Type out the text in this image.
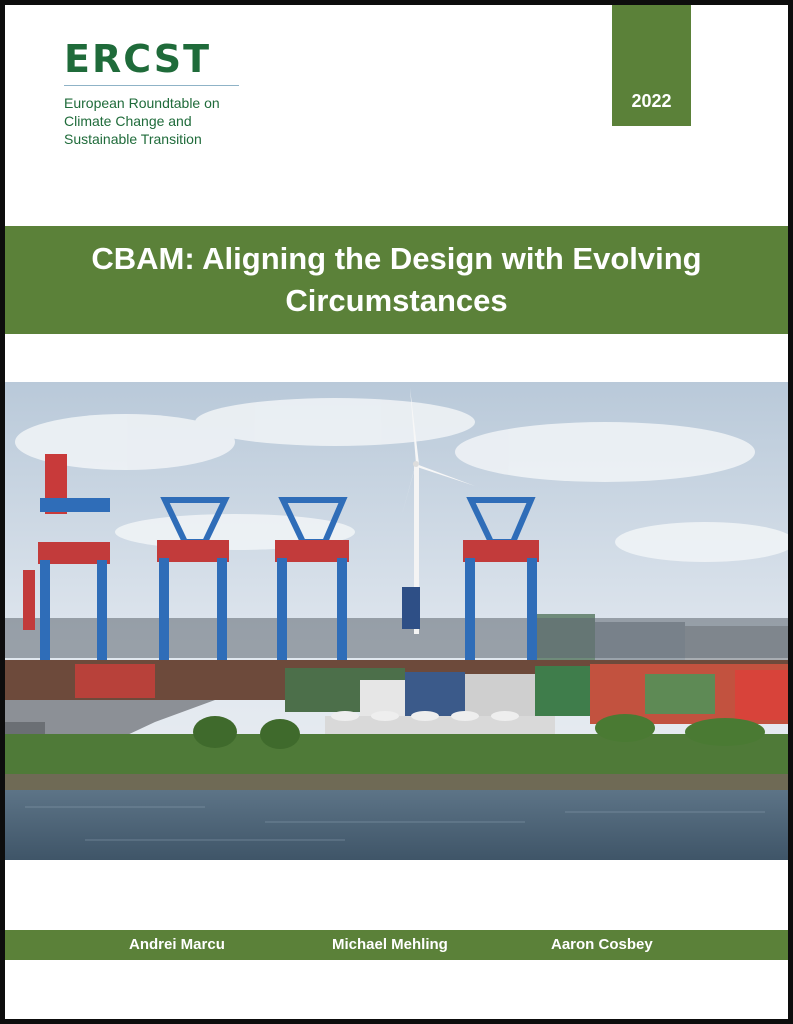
ERCST
European Roundtable on
Climate Change and
Sustainable Transition
2022
CBAM: Aligning the Design with Evolving Circumstances
Andrei Marcu	Michael Mehling	Aaron Cosbey
